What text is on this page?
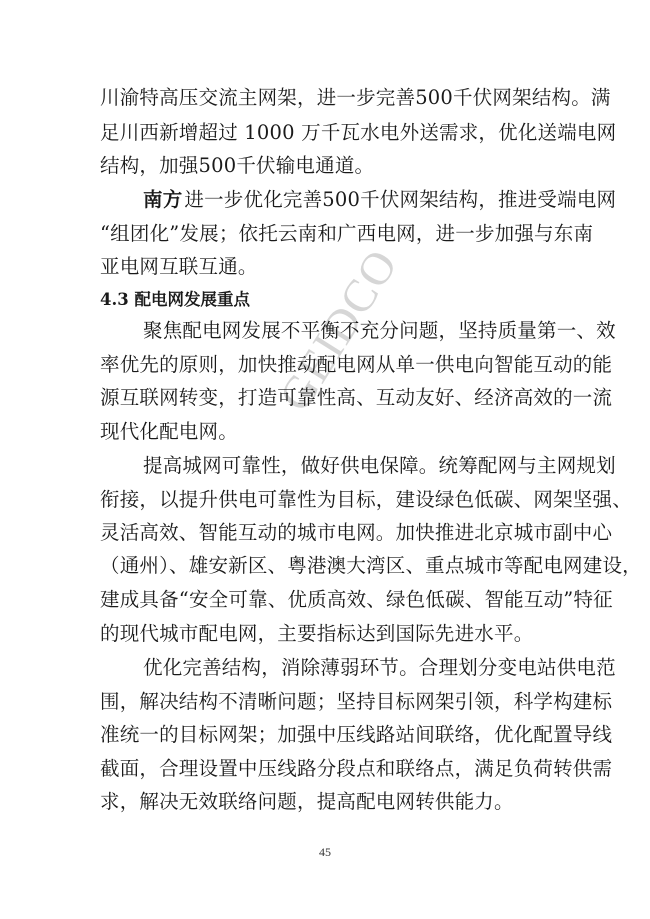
GEIDCO
川渝特高压交流主网架，进一步完善500千伏网架结构。满
足川西新增超过 1000 万千瓦水电外送需求，优化送端电网
结构，加强500千伏输电通道。
南方 进一步优化完善500千伏网架结构，推进受端电网
“组团化”发展；依托云南和广西电网，进一步加强与东南
亚电网互联互通。
4.3 配电网发展重点
聚焦配电网发展不平衡不充分问题，坚持质量第一、效
率优先的原则，加快推动配电网从单一供电向智能互动的能
源互联网转变，打造可靠性高、互动友好、经济高效的一流
现代化配电网。
提高城网可靠性，做好供电保障。统筹配网与主网规划
衔接，以提升供电可靠性为目标，建设绿色低碳、网架坚强、
灵活高效、智能互动的城市电网。加快推进北京城市副中心
（通州）、雄安新区、粤港澳大湾区、重点城市等配电网建设，
建成具备“安全可靠、优质高效、绿色低碳、智能互动”特征
的现代城市配电网，主要指标达到国际先进水平。
优化完善结构，消除薄弱环节。合理划分变电站供电范
围，解决结构不清晰问题；坚持目标网架引领，科学构建标
准统一的目标网架；加强中压线路站间联络，优化配置导线
截面，合理设置中压线路分段点和联络点，满足负荷转供需
求，解决无效联络问题，提高配电网转供能力。
45
